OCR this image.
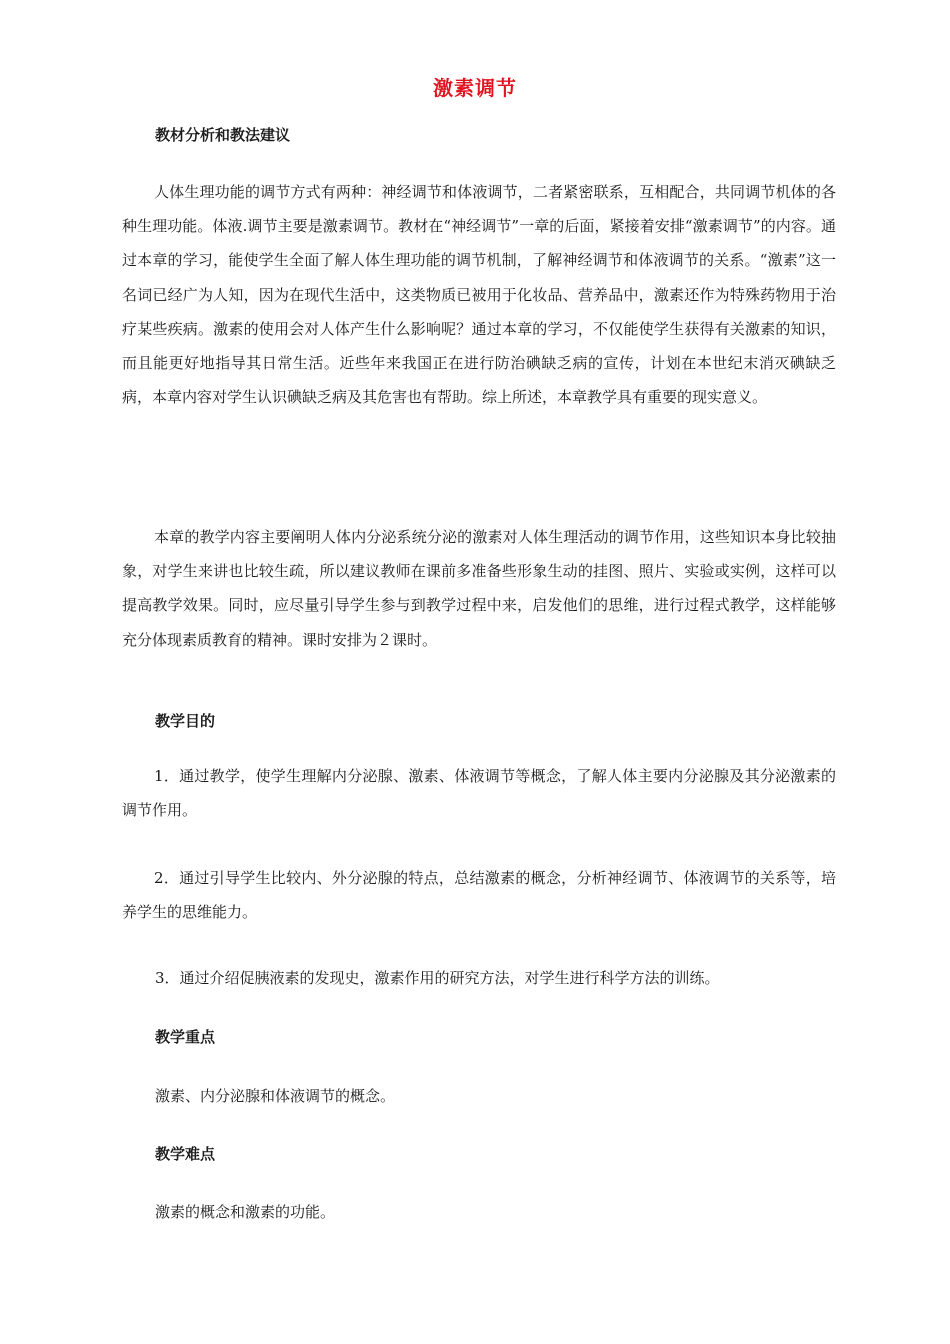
激素调节
教材分析和教法建议
人体生理功能的调节方式有两种：神经调节和体液调节，二者紧密联系，互相配合，共同调节机体的各种生理功能。体液.调节主要是激素调节。教材在“神经调节”一章的后面，紧接着安排“激素调节”的内容。通过本章的学习，能使学生全面了解人体生理功能的调节机制，了解神经调节和体液调节的关系。“激素”这一名词已经广为人知，因为在现代生活中，这类物质已被用于化妆品、营养品中，激素还作为特殊药物用于治疗某些疾病。激素的使用会对人体产生什么影响呢？通过本章的学习，不仅能使学生获得有关激素的知识，而且能更好地指导其日常生活。近些年来我国正在进行防治碘缺乏病的宣传，计划在本世纪末消灭碘缺乏病，本章内容对学生认识碘缺乏病及其危害也有帮助。综上所述，本章教学具有重要的现实意义。
本章的教学内容主要阐明人体内分泌系统分泌的激素对人体生理活动的调节作用，这些知识本身比较抽象，对学生来讲也比较生疏，所以建议教师在课前多准备些形象生动的挂图、照片、实验或实例，这样可以提高教学效果。同时，应尽量引导学生参与到教学过程中来，启发他们的思维，进行过程式教学，这样能够充分体现素质教育的精神。课时安排为２课时。
教学目的
1．通过教学，使学生理解内分泌腺、激素、体液调节等概念，了解人体主要内分泌腺及其分泌激素的调节作用。
2．通过引导学生比较内、外分泌腺的特点，总结激素的概念，分析神经调节、体液调节的关系等，培养学生的思维能力。
3．通过介绍促胰液素的发现史，激素作用的研究方法，对学生进行科学方法的训练。
教学重点
激素、内分泌腺和体液调节的概念。
教学难点
激素的概念和激素的功能。
